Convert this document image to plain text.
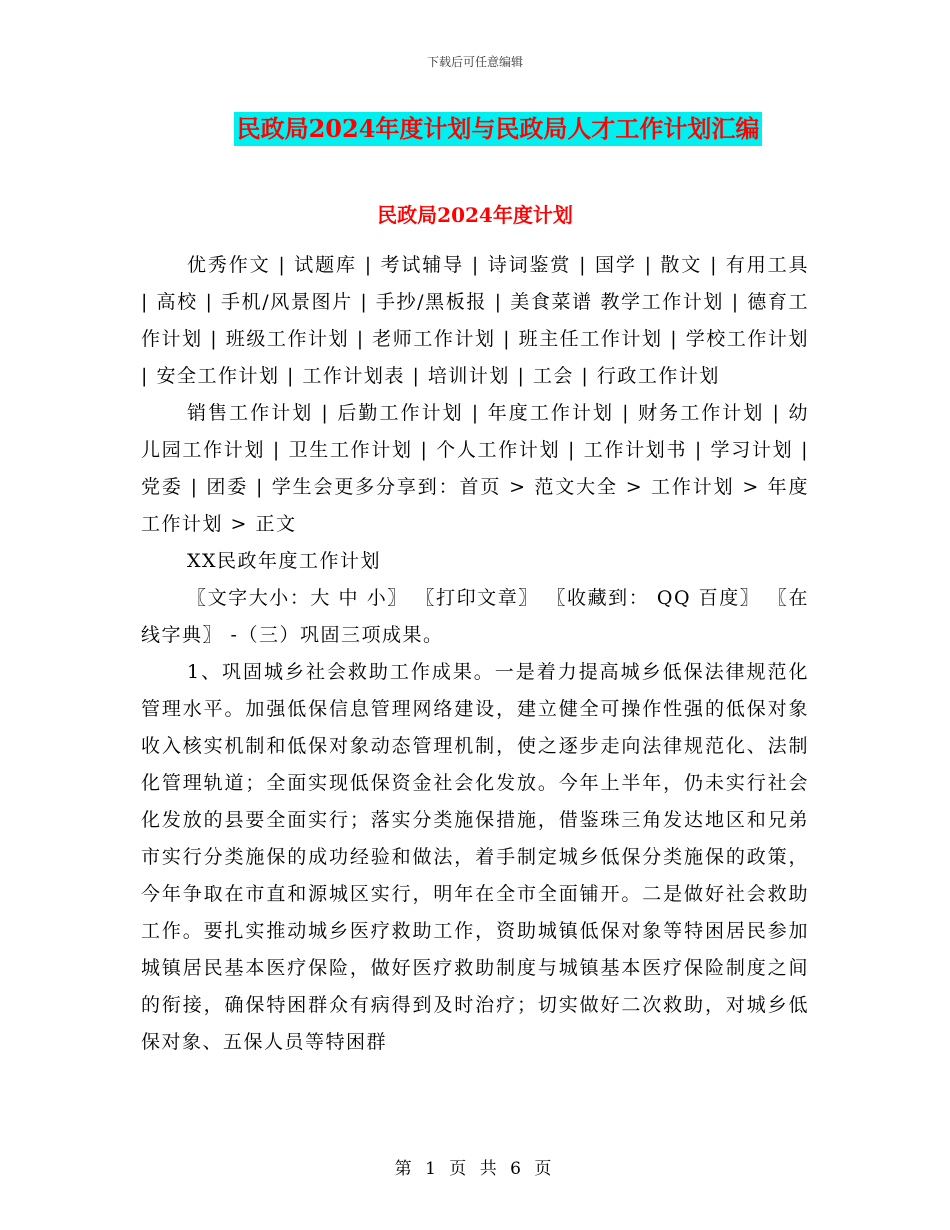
下载后可任意编辑
民政局2024年度计划与民政局人才工作计划汇编
民政局2024年度计划

优秀作文 | 试题库 | 考试辅导 | 诗词鉴赏 | 国学 | 散文 | 有用工具 | 高校 | 手机/风景图片 | 手抄/黑板报 | 美食菜谱 教学工作计划 | 德育工作计划 | 班级工作计划 | 老师工作计划 | 班主任工作计划 | 学校工作计划 | 安全工作计划 | 工作计划表 | 培训计划 | 工会 | 行政工作计划

销售工作计划 | 后勤工作计划 | 年度工作计划 | 财务工作计划 | 幼儿园工作计划 | 卫生工作计划 | 个人工作计划 | 工作计划书 | 学习计划 | 党委 | 团委 | 学生会更多分享到：首页 > 范文大全 > 工作计划 > 年度工作计划 > 正文

XX民政年度工作计划

〖文字大小：大 中 小〗 〖打印文章〗 〖收藏到： QQ 百度〗 〖在线字典〗 -（三）巩固三项成果。

1、巩固城乡社会救助工作成果。一是着力提高城乡低保法律规范化管理水平。加强低保信息管理网络建设，建立健全可操作性强的低保对象收入核实机制和低保对象动态管理机制，使之逐步走向法律规范化、法制化管理轨道；全面实现低保资金社会化发放。今年上半年，仍未实行社会化发放的县要全面实行；落实分类施保措施，借鉴珠三角发达地区和兄弟市实行分类施保的成功经验和做法，着手制定城乡低保分类施保的政策，今年争取在市直和源城区实行，明年在全市全面铺开。二是做好社会救助工作。要扎实推动城乡医疗救助工作，资助城镇低保对象等特困居民参加城镇居民基本医疗保险，做好医疗救助制度与城镇基本医疗保险制度之间的衔接，确保特困群众有病得到及时治疗；切实做好二次救助，对城乡低保对象、五保人员等特困群

第 1 页 共 6 页
